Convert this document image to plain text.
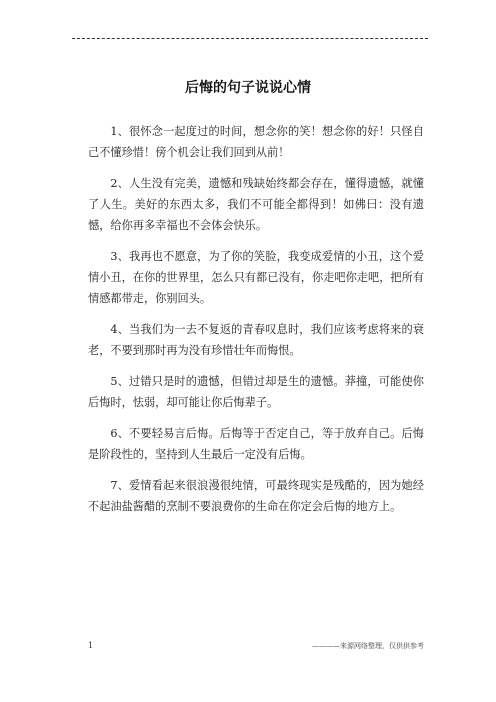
后悔的句子说说心情

1、很怀念一起度过的时间，想念你的笑！想念你的好！只怪自己不懂珍惜！傍个机会让我们回到从前！

2、人生没有完美，遗憾和残缺始终都会存在，懂得遗憾，就懂了人生。美好的东西太多，我们不可能全都得到！如佛曰：没有遗憾，给你再多幸福也不会体会快乐。

3、我再也不愿意，为了你的笑脸，我变成爱情的小丑，这个爱情小丑，在你的世界里，怎么只有都已没有，你走吧你走吧，把所有情感都带走，你别回头。

4、当我们为一去不复返的青春叹息时，我们应该考虑将来的衰老，不要到那时再为没有珍惜壮年而悔恨。

5、过错只是时的遗憾，但错过却是生的遗憾。莽撞，可能使你后悔时，怯弱，却可能让你后悔辈子。

6、不要轻易言后悔。后悔等于否定自己，等于放弃自己。后悔是阶段性的，坚持到人生最后一定没有后悔。

7、爱情看起来很浪漫很纯情，可最终现实是残酷的，因为她经不起油盐酱醋的烹制不要浪费你的生命在你定会后悔的地方上。

1	————来源网络整理，仅供供参考
